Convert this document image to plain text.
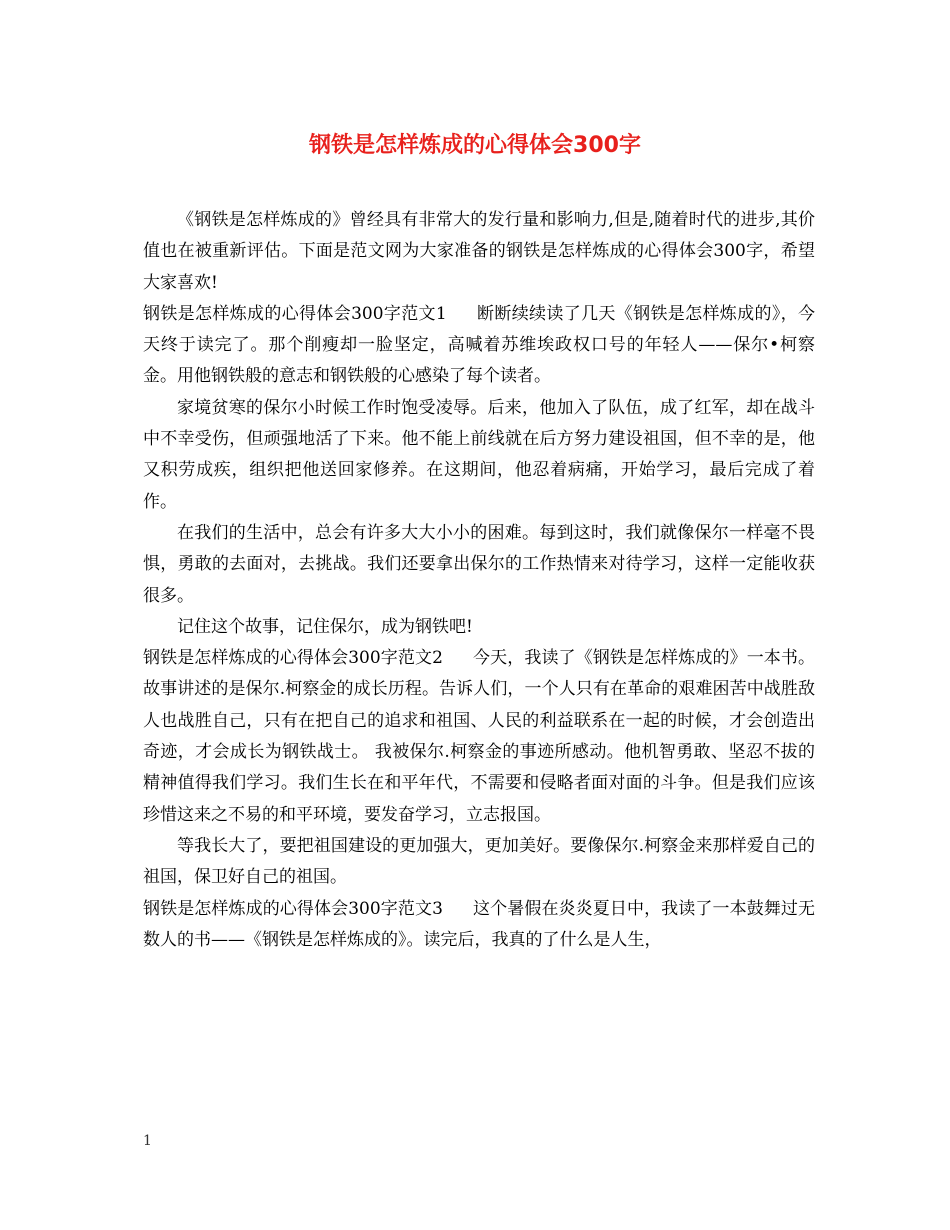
钢铁是怎样炼成的心得体会300字

《钢铁是怎样炼成的》曾经具有非常大的发行量和影响力,但是,随着时代的进步,其价值也在被重新评估。下面是范文网为大家准备的钢铁是怎样炼成的心得体会300字，希望大家喜欢!

钢铁是怎样炼成的心得体会300字范文1 断断续续读了几天《钢铁是怎样炼成的》，今天终于读完了。那个削瘦却一脸坚定，高喊着苏维埃政权口号的年轻人——保尔•柯察金。用他钢铁般的意志和钢铁般的心感染了每个读者。

家境贫寒的保尔小时候工作时饱受凌辱。后来，他加入了队伍，成了红军，却在战斗中不幸受伤，但顽强地活了下来。他不能上前线就在后方努力建设祖国，但不幸的是，他又积劳成疾，组织把他送回家修养。在这期间，他忍着病痛，开始学习，最后完成了着作。

在我们的生活中，总会有许多大大小小的困难。每到这时，我们就像保尔一样毫不畏惧，勇敢的去面对，去挑战。我们还要拿出保尔的工作热情来对待学习，这样一定能收获很多。

记住这个故事，记住保尔，成为钢铁吧!

钢铁是怎样炼成的心得体会300字范文2 今天，我读了《钢铁是怎样炼成的》一本书。故事讲述的是保尔.柯察金的成长历程。告诉人们，一个人只有在革命的艰难困苦中战胜敌人也战胜自己，只有在把自己的追求和祖国、人民的利益联系在一起的时候，才会创造出奇迹，才会成长为钢铁战士。 我被保尔.柯察金的事迹所感动。他机智勇敢、坚忍不拔的精神值得我们学习。我们生长在和平年代，不需要和侵略者面对面的斗争。但是我们应该珍惜这来之不易的和平环境，要发奋学习，立志报国。

等我长大了，要把祖国建设的更加强大，更加美好。要像保尔.柯察金来那样爱自己的祖国，保卫好自己的祖国。

钢铁是怎样炼成的心得体会300字范文3 这个暑假在炎炎夏日中，我读了一本鼓舞过无数人的书——《钢铁是怎样炼成的》。读完后，我真的了什么是人生，

1
